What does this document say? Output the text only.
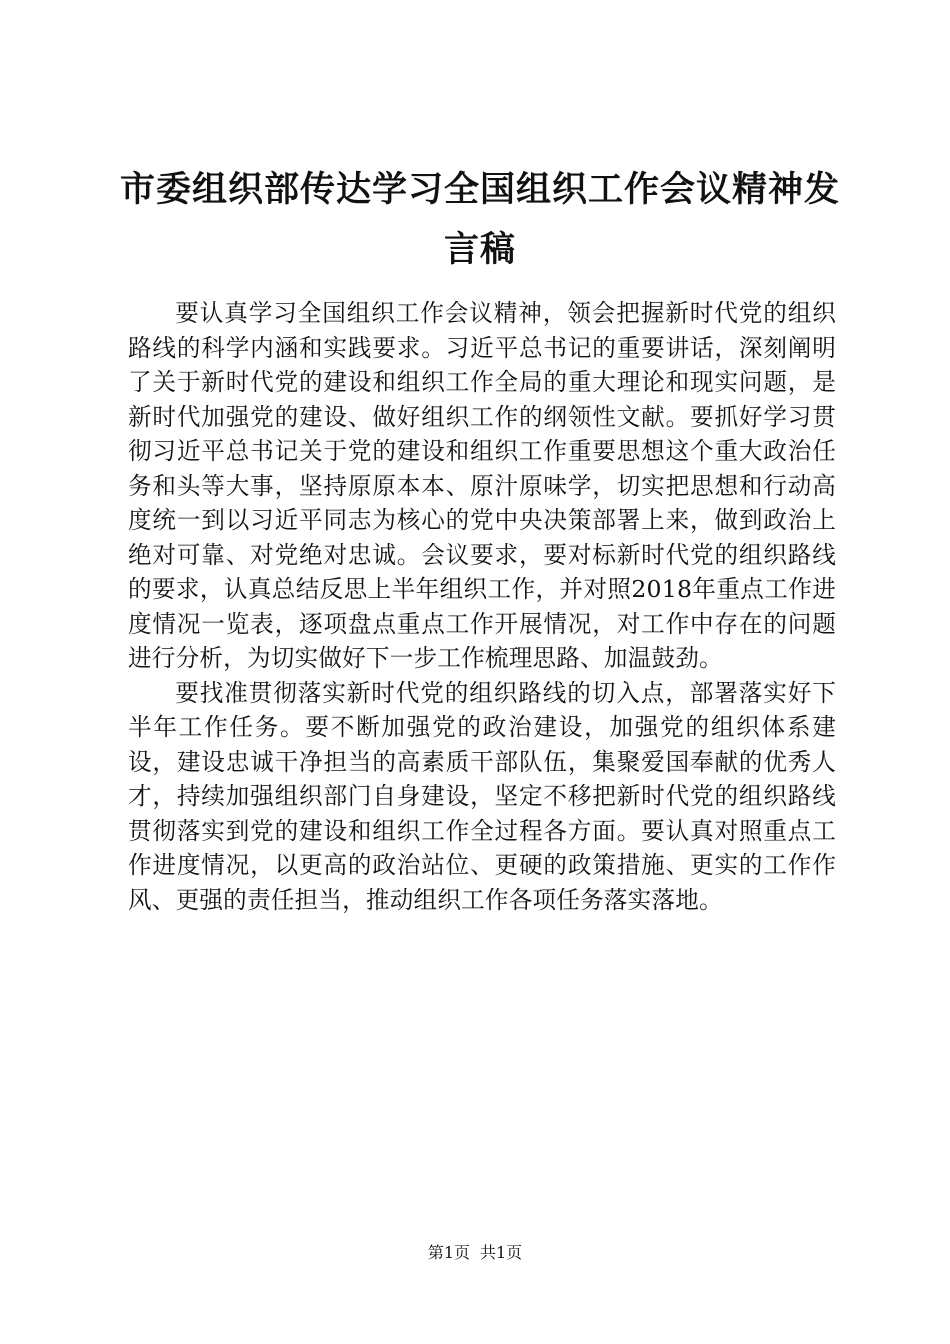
市委组织部传达学习全国组织工作会议精神发言稿

要认真学习全国组织工作会议精神，领会把握新时代党的组织路线的科学内涵和实践要求。习近平总书记的重要讲话，深刻阐明了关于新时代党的建设和组织工作全局的重大理论和现实问题，是新时代加强党的建设、做好组织工作的纲领性文献。要抓好学习贯彻习近平总书记关于党的建设和组织工作重要思想这个重大政治任务和头等大事，坚持原原本本、原汁原味学，切实把思想和行动高度统一到以习近平同志为核心的党中央决策部署上来，做到政治上绝对可靠、对党绝对忠诚。会议要求，要对标新时代党的组织路线的要求，认真总结反思上半年组织工作，并对照2018年重点工作进度情况一览表，逐项盘点重点工作开展情况，对工作中存在的问题进行分析，为切实做好下一步工作梳理思路、加温鼓劲。

要找准贯彻落实新时代党的组织路线的切入点，部署落实好下半年工作任务。要不断加强党的政治建设，加强党的组织体系建设，建设忠诚干净担当的高素质干部队伍，集聚爱国奉献的优秀人才，持续加强组织部门自身建设，坚定不移把新时代党的组织路线贯彻落实到党的建设和组织工作全过程各方面。要认真对照重点工作进度情况，以更高的政治站位、更硬的政策措施、更实的工作作风、更强的责任担当，推动组织工作各项任务落实落地。

第1页 共1页
